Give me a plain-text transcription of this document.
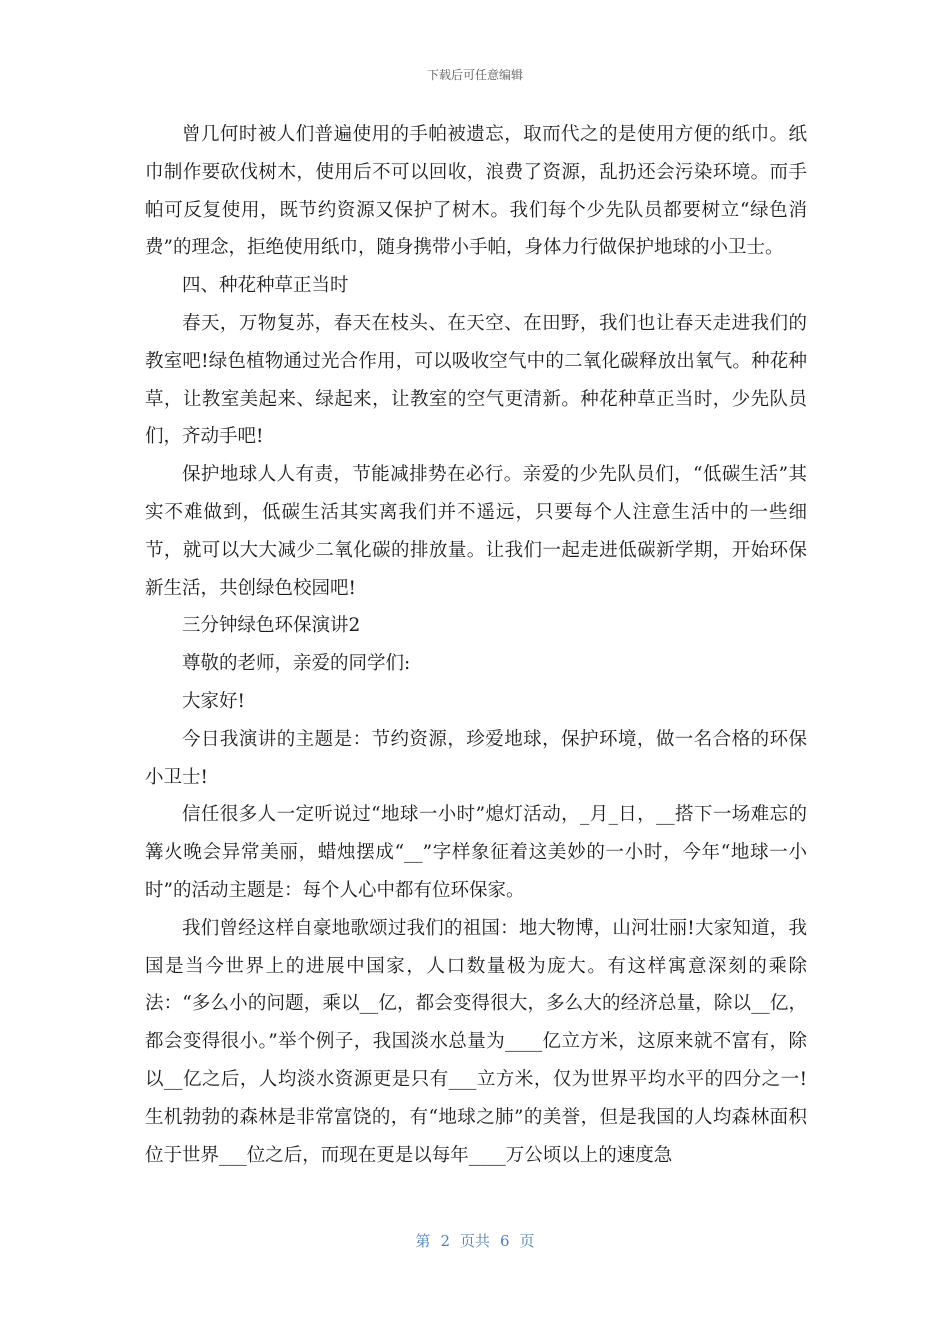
下载后可任意编辑

曾几何时被人们普遍使用的手帕被遗忘，取而代之的是使用方便的纸巾。纸巾制作要砍伐树木，使用后不可以回收，浪费了资源，乱扔还会污染环境。而手帕可反复使用，既节约资源又保护了树木。我们每个少先队员都要树立“绿色消费”的理念，拒绝使用纸巾，随身携带小手帕，身体力行做保护地球的小卫士。

四、种花种草正当时

春天，万物复苏，春天在枝头、在天空、在田野，我们也让春天走进我们的教室吧!绿色植物通过光合作用，可以吸收空气中的二氧化碳释放出氧气。种花种草，让教室美起来、绿起来，让教室的空气更清新。种花种草正当时，少先队员们，齐动手吧!

保护地球人人有责，节能减排势在必行。亲爱的少先队员们，“低碳生活”其实不难做到，低碳生活其实离我们并不遥远，只要每个人注意生活中的一些细节，就可以大大减少二氧化碳的排放量。让我们一起走进低碳新学期，开始环保新生活，共创绿色校园吧!

三分钟绿色环保演讲2

尊敬的老师，亲爱的同学们:

大家好!

今日我演讲的主题是：节约资源，珍爱地球，保护环境，做一名合格的环保小卫士!

信任很多人一定听说过“地球一小时”熄灯活动，_月_日，__搭下一场难忘的篝火晚会异常美丽，蜡烛摆成“__”字样象征着这美妙的一小时，今年“地球一小时”的活动主题是：每个人心中都有位环保家。

我们曾经这样自豪地歌颂过我们的祖国：地大物博，山河壮丽!大家知道，我国是当今世界上的进展中国家，人口数量极为庞大。有这样寓意深刻的乘除法：“多么小的问题，乘以__亿，都会变得很大，多么大的经济总量，除以__亿，都会变得很小。”举个例子，我国淡水总量为____亿立方米，这原来就不富有，除以__亿之后，人均淡水资源更是只有___立方米，仅为世界平均水平的四分之一!生机勃勃的森林是非常富饶的，有“地球之肺”的美誉，但是我国的人均森林面积位于世界___位之后，而现在更是以每年____万公顷以上的速度急

第 2 页共 6 页
